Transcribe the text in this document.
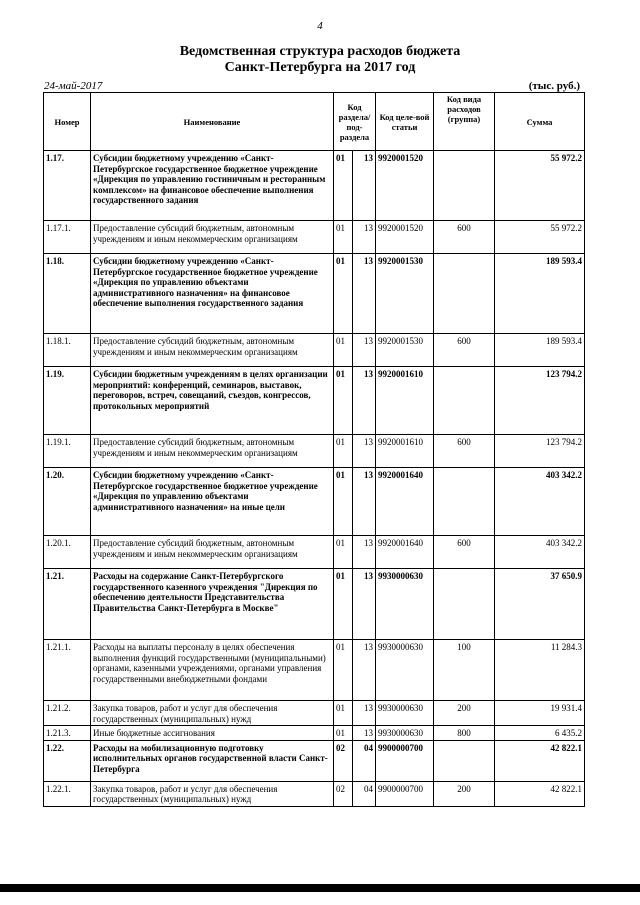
4
Ведомственная структура расходов бюджета
Санкт-Петербурга на 2017 год
24-май-2017	(тыс. руб.)
Номер	Наименование	Код раздела/ под-раздела		Код целе-вой статьи	Код вида расходов (группа)	Сумма
1.17.	Субсидии бюджетному учреждению «Санкт-Петербургское государственное бюджетное учреждение «Дирекция по управлению гостиничным и ресторанным комплексом» на финансовое обеспечение выполнения государственного задания	01	13	9920001520		55 972.2
1.17.1.	Предоставление субсидий бюджетным, автономным учреждениям и иным некоммерческим организациям	01	13	9920001520	600	55 972.2
1.18.	Субсидии бюджетному учреждению «Санкт-Петербургское государственное бюджетное учреждение «Дирекция по управлению объектами административного назначения» на финансовое обеспечение выполнения государственного задания	01	13	9920001530		189 593.4
1.18.1.	Предоставление субсидий бюджетным, автономным учреждениям и иным некоммерческим организациям	01	13	9920001530	600	189 593.4
1.19.	Субсидии бюджетным учреждениям в целях организации мероприятий: конференций, семинаров, выставок, переговоров, встреч, совещаний, съездов, конгрессов, протокольных мероприятий	01	13	9920001610		123 794.2
1.19.1.	Предоставление субсидий бюджетным, автономным учреждениям и иным некоммерческим организациям	01	13	9920001610	600	123 794.2
1.20.	Субсидии бюджетному учреждению «Санкт-Петербургское государственное бюджетное учреждение «Дирекция по управлению объектами административного назначения» на иные цели	01	13	9920001640		403 342.2
1.20.1.	Предоставление субсидий бюджетным, автономным учреждениям и иным некоммерческим организациям	01	13	9920001640	600	403 342.2
1.21.	Расходы на содержание Санкт-Петербургского государственного казенного учреждения "Дирекция по обеспечению деятельности Представительства Правительства Санкт-Петербурга в Москве"	01	13	9930000630		37 650.9
1.21.1.	Расходы на выплаты персоналу в целях обеспечения выполнения функций государственными (муниципальными) органами, казенными учреждениями, органами управления государственными внебюджетными фондами	01	13	9930000630	100	11 284.3
1.21.2.	Закупка товаров, работ и услуг для обеспечения государственных (муниципальных) нужд	01	13	9930000630	200	19 931.4
1.21.3.	Иные бюджетные ассигнования	01	13	9930000630	800	6 435.2
1.22.	Расходы на мобилизационную подготовку исполнительных органов государственной власти Санкт-Петербурга	02	04	9900000700		42 822.1
1.22.1.	Закупка товаров, работ и услуг для обеспечения государственных (муниципальных) нужд	02	04	9900000700	200	42 822.1
